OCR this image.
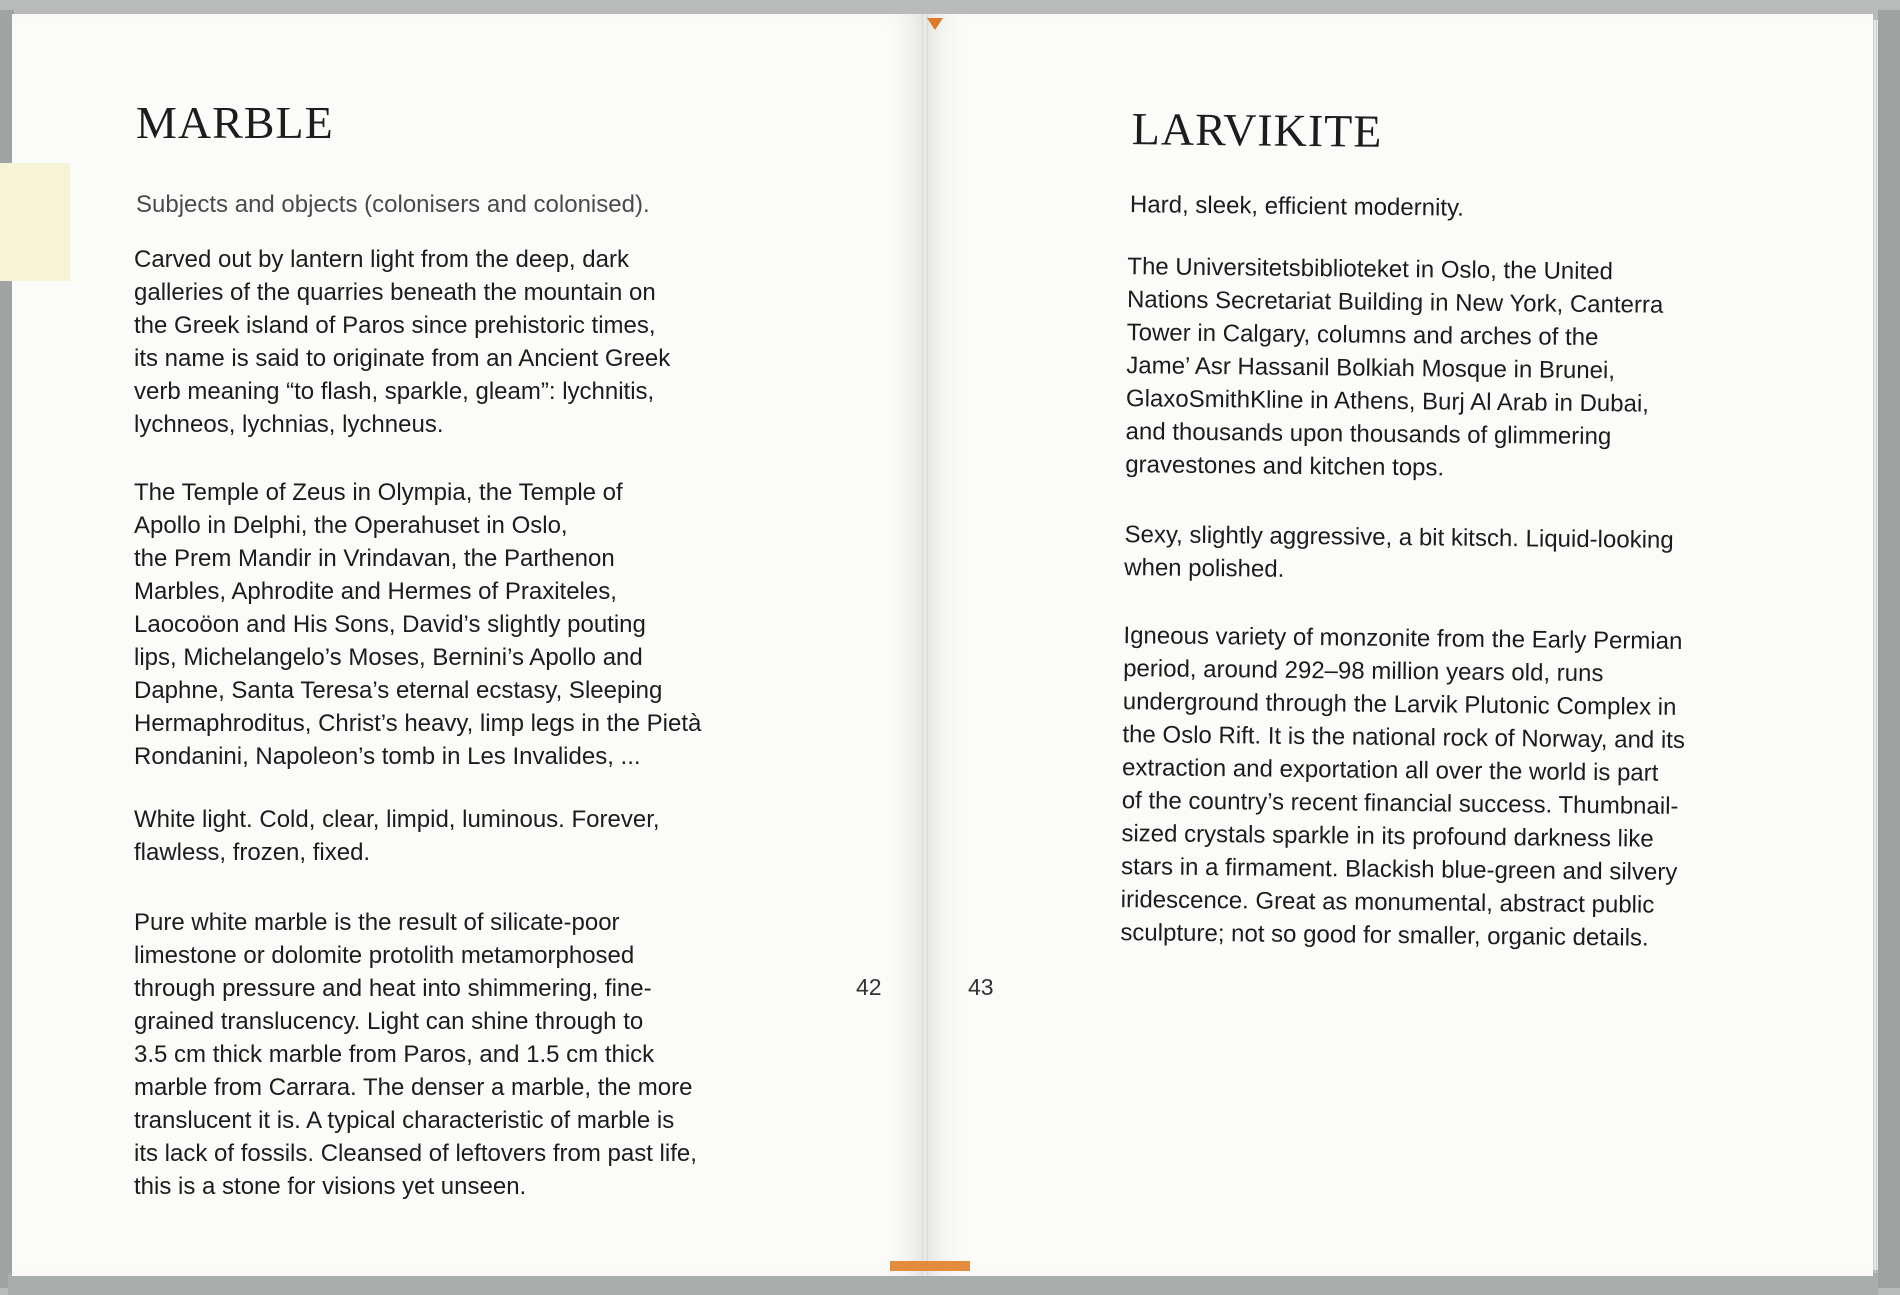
MARBLE

Subjects and objects (colonisers and colonised).

Carved out by lantern light from the deep, dark
galleries of the quarries beneath the mountain on
the Greek island of Paros since prehistoric times,
its name is said to originate from an Ancient Greek
verb meaning “to flash, sparkle, gleam”: lychnitis,
lychneos, lychnias, lychneus.

The Temple of Zeus in Olympia, the Temple of
Apollo in Delphi, the Operahuset in Oslo,
the Prem Mandir in Vrindavan, the Parthenon
Marbles, Aphrodite and Hermes of Praxiteles,
Laocoöon and His Sons, David’s slightly pouting
lips, Michelangelo’s Moses, Bernini’s Apollo and
Daphne, Santa Teresa’s eternal ecstasy, Sleeping
Hermaphroditus, Christ’s heavy, limp legs in the Pietà
Rondanini, Napoleon’s tomb in Les Invalides, ...

White light. Cold, clear, limpid, luminous. Forever,
flawless, frozen, fixed.

Pure white marble is the result of silicate-poor
limestone or dolomite protolith metamorphosed
through pressure and heat into shimmering, fine-
grained translucency. Light can shine through to
3.5 cm thick marble from Paros, and 1.5 cm thick
marble from Carrara. The denser a marble, the more
translucent it is. A typical characteristic of marble is
its lack of fossils. Cleansed of leftovers from past life,
this is a stone for visions yet unseen.

42
LARVIKITE

Hard, sleek, efficient modernity.

The Universitetsbiblioteket in Oslo, the United
Nations Secretariat Building in New York, Canterra
Tower in Calgary, columns and arches of the
Jame’ Asr Hassanil Bolkiah Mosque in Brunei,
GlaxoSmithKline in Athens, Burj Al Arab in Dubai,
and thousands upon thousands of glimmering
gravestones and kitchen tops.

Sexy, slightly aggressive, a bit kitsch. Liquid-looking
when polished.

Igneous variety of monzonite from the Early Permian
period, around 292–98 million years old, runs
underground through the Larvik Plutonic Complex in
the Oslo Rift. It is the national rock of Norway, and its
extraction and exportation all over the world is part
of the country’s recent financial success. Thumbnail-
sized crystals sparkle in its profound darkness like
stars in a firmament. Blackish blue-green and silvery
iridescence. Great as monumental, abstract public
sculpture; not so good for smaller, organic details.

43
